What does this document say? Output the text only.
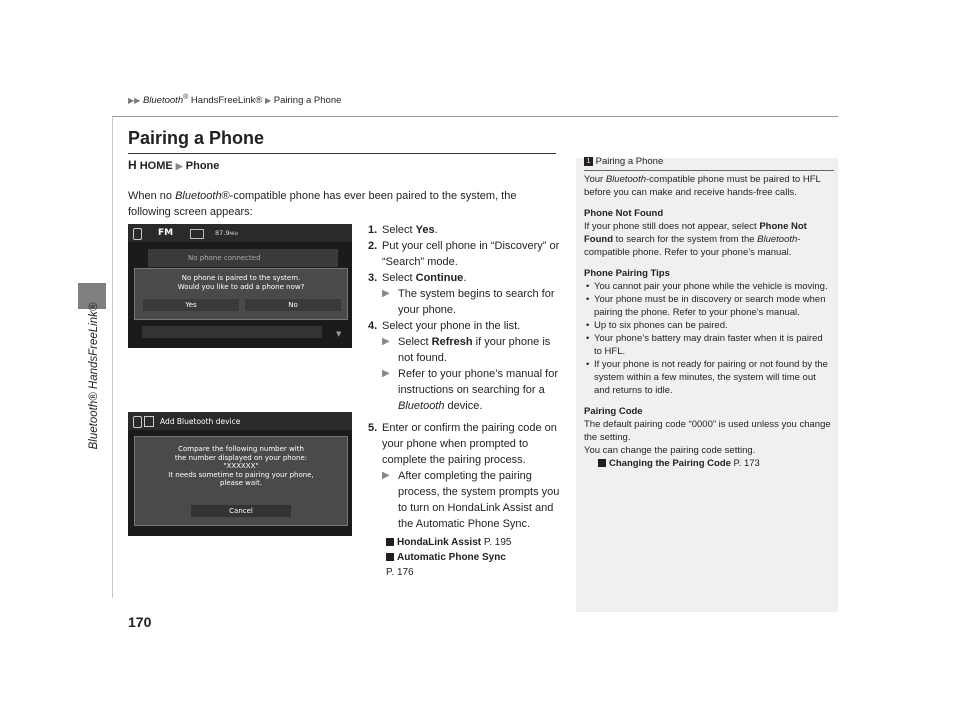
Bluetooth® HandsFreeLink®
▶▶ Bluetooth® HandsFreeLink® ▶ Pairing a Phone
Pairing a Phone
H HOME ▶ Phone
When no Bluetooth®-compatible phone has ever been paired to the system, the following screen appears:
FM	87.9MHz
No phone connected
No phone is paired to the system.
Would you like to add a phone now?
Yes	No
▼
Add Bluetooth device
Compare the following number with
the number displayed on your phone:
"XXXXXX"
It needs sometime to pairing your phone,
please wait.
Cancel
1. Select Yes.
2. Put your cell phone in “Discovery” or “Search” mode.
3. Select Continue.
▶ The system begins to search for your phone.
4. Select your phone in the list.
▶ Select Refresh if your phone is not found.
▶ Refer to your phone’s manual for instructions on searching for a Bluetooth device.
5. Enter or confirm the pairing code on your phone when prompted to complete the pairing process.
▶ After completing the pairing process, the system prompts you to turn on HondaLink Assist and the Automatic Phone Sync.
HondaLink Assist P. 195
Automatic Phone Sync
P. 176
1 Pairing a Phone

Your Bluetooth-compatible phone must be paired to HFL before you can make and receive hands-free calls.

Phone Not Found

If your phone still does not appear, select Phone Not Found to search for the system from the Bluetooth-compatible phone. Refer to your phone’s manual.

Phone Pairing Tips
• You cannot pair your phone while the vehicle is moving.
• Your phone must be in discovery or search mode when pairing the phone. Refer to your phone’s manual.
• Up to six phones can be paired.
• Your phone’s battery may drain faster when it is paired to HFL.
• If your phone is not ready for pairing or not found by the system within a few minutes, the system will time out and returns to idle.
Pairing Code
The default pairing code “0000” is used unless you change the setting.
You can change the pairing code setting.
Changing the Pairing Code P. 173
170
